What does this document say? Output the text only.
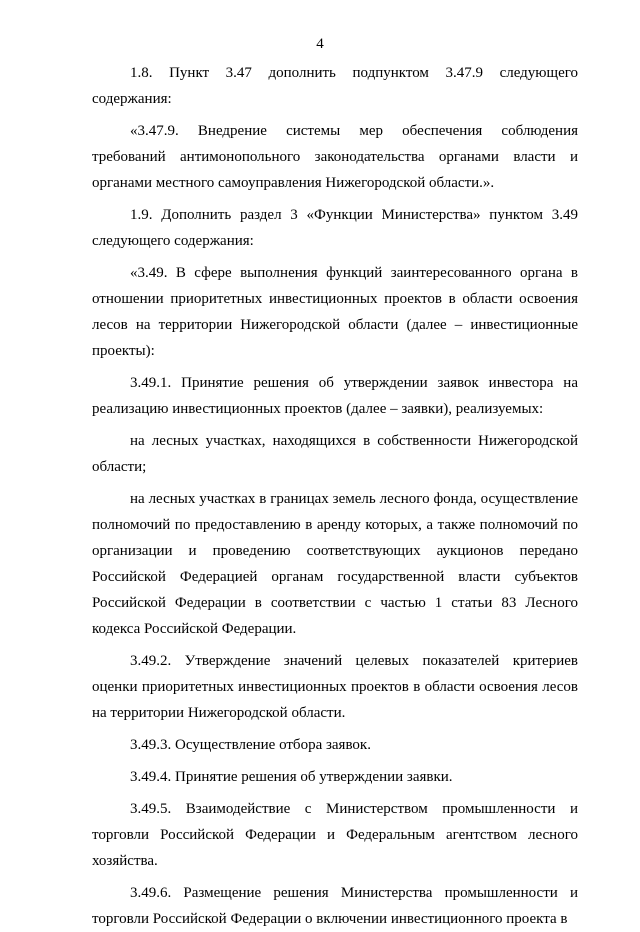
4

1.8. Пункт 3.47 дополнить подпунктом 3.47.9 следующего содержания:

«3.47.9. Внедрение системы мер обеспечения соблюдения требований антимонопольного законодательства органами власти и органами местного самоуправления Нижегородской области.».

1.9. Дополнить раздел 3 «Функции Министерства» пунктом 3.49 следующего содержания:

«3.49. В сфере выполнения функций заинтересованного органа в отношении приоритетных инвестиционных проектов в области освоения лесов на территории Нижегородской области (далее – инвестиционные проекты):

3.49.1. Принятие решения об утверждении заявок инвестора на реализацию инвестиционных проектов (далее – заявки), реализуемых:

на лесных участках, находящихся в собственности Нижегородской области;

на лесных участках в границах земель лесного фонда, осуществление полномочий по предоставлению в аренду которых, а также полномочий по организации и проведению соответствующих аукционов передано Российской Федерацией органам государственной власти субъектов Российской Федерации в соответствии с частью 1 статьи 83 Лесного кодекса Российской Федерации.

3.49.2. Утверждение значений целевых показателей критериев оценки приоритетных инвестиционных проектов в области освоения лесов на территории Нижегородской области.

3.49.3. Осуществление отбора заявок.

3.49.4. Принятие решения об утверждении заявки.

3.49.5. Взаимодействие с Министерством промышленности и торговли Российской Федерации и Федеральным агентством лесного хозяйства.

3.49.6. Размещение решения Министерства промышленности и торговли Российской Федерации о включении инвестиционного проекта в
